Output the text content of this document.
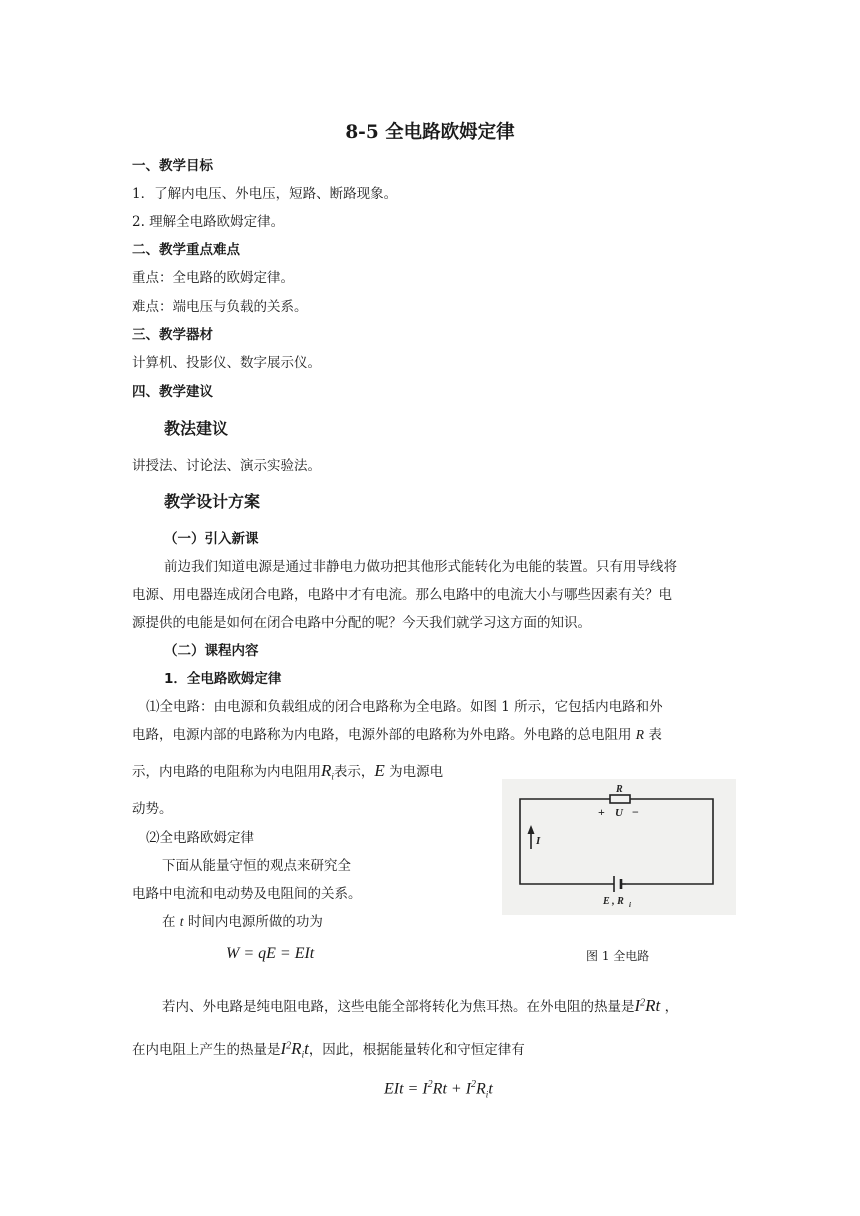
8-5 全电路欧姆定律
一、教学目标
1．了解内电压、外电压，短路、断路现象。
2. 理解全电路欧姆定律。
二、教学重点难点
重点：全电路的欧姆定律。
难点：端电压与负载的关系。
三、教学器材
计算机、投影仪、数字展示仪。
四、教学建议
教法建议
讲授法、讨论法、演示实验法。
教学设计方案
（一）引入新课
前边我们知道电源是通过非静电力做功把其他形式能转化为电能的装置。只有用导线将
电源、用电器连成闭合电路，电路中才有电流。那么电路中的电流大小与哪些因素有关？电
源提供的电能是如何在闭合电路中分配的呢？今天我们就学习这方面的知识。
（二）课程内容
1．全电路欧姆定律
⑴全电路：由电源和负载组成的闭合电路称为全电路。如图 1 所示，它包括内电路和外
电路，电源内部的电路称为内电路，电源外部的电路称为外电路。外电路的总电阻用 R 表
示，内电路的电阻称为内电阻用$R_i$表示，E 为电源电
动势。
⑵全电路欧姆定律
下面从能量守恒的观点来研究全
电路中电流和电动势及电阻间的关系。
在 t 时间内电源所做的功为
W = qE = EIt
R
+ U −
I
E , R i
图 1 全电路
若内、外电路是纯电阻电路，这些电能全部将转化为焦耳热。在外电阻的热量是$I^2Rt$ ，
在内电阻上产生的热量是$I^2R_it$，因此，根据能量转化和守恒定律有
EIt = $I^2Rt + I^2R_it$
